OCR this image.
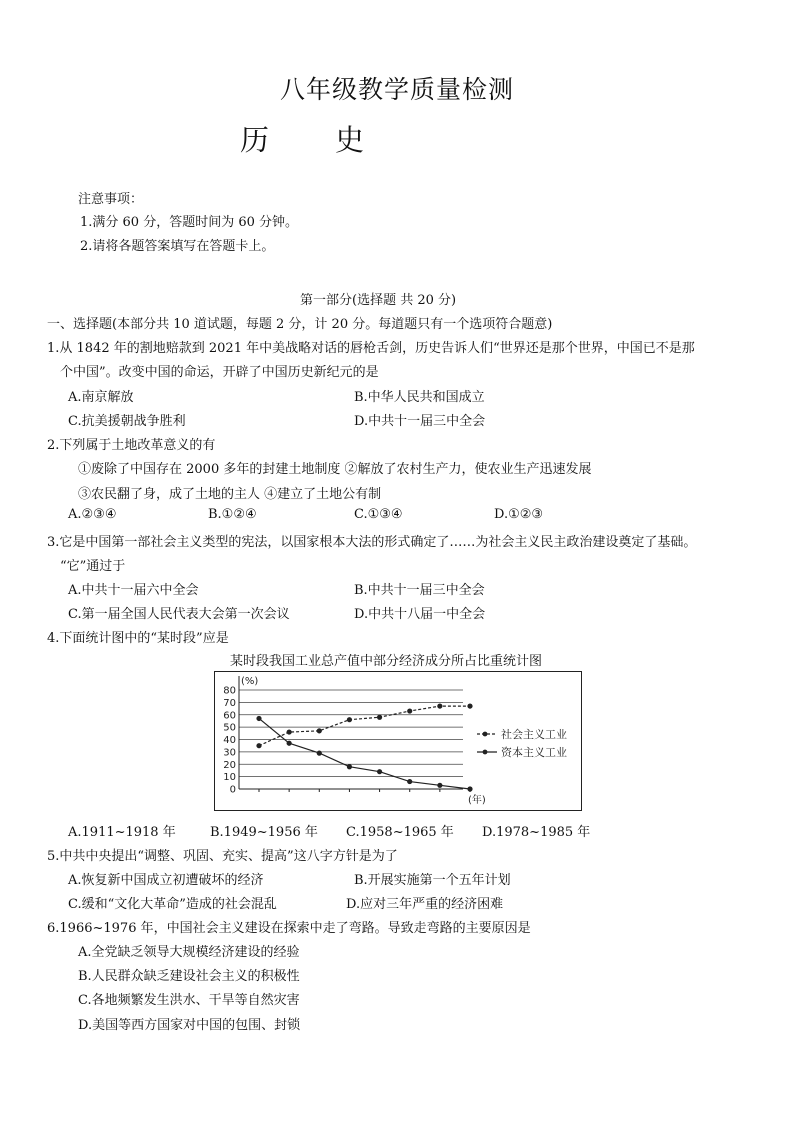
八年级教学质量检测
历 史
注意事项：
1.满分 60 分，答题时间为 60 分钟。
2.请将各题答案填写在答题卡上。
第一部分(选择题 共 20 分)
一、选择题(本部分共 10 道试题，每题 2 分，计 20 分。每道题只有一个选项符合题意)
1.从 1842 年的割地赔款到 2021 年中美战略对话的唇枪舌剑，历史告诉人们“世界还是那个世界，中国已不是那
个中国”。改变中国的命运，开辟了中国历史新纪元的是
A.南京解放	B.中华人民共和国成立
C.抗美援朝战争胜利	D.中共十一届三中全会
2.下列属于土地改革意义的有
①废除了中国存在 2000 多年的封建土地制度 ②解放了农村生产力，使农业生产迅速发展
③农民翻了身，成了土地的主人 ④建立了土地公有制
A.②③④	B.①②④	C.①③④	D.①②③
3.它是中国第一部社会主义类型的宪法，以国家根本大法的形式确定了……为社会主义民主政治建设奠定了基础。
“它”通过于
A.中共十一届六中全会	B.中共十一届三中全会
C.第一届全国人民代表大会第一次会议	D.中共十八届一中全会
4.下面统计图中的“某时段”应是
某时段我国工业总产值中部分经济成分所占比重统计图
80
70
60
50
40
30
20
10
0
(%)
(年)
社会主义工业
资本主义工业
A.1911~1918 年	B.1949~1956 年 C.1958~1965 年 D.1978~1985 年
5.中共中央提出“调整、巩固、充实、提高”这八字方针是为了
A.恢复新中国成立初遭破坏的经济	B.开展实施第一个五年计划
C.缓和“文化大革命”造成的社会混乱	D.应对三年严重的经济困难
6.1966~1976 年，中国社会主义建设在探索中走了弯路。导致走弯路的主要原因是
A.全党缺乏领导大规模经济建设的经验
B.人民群众缺乏建设社会主义的积极性
C.各地频繁发生洪水、干旱等自然灾害
D.美国等西方国家对中国的包围、封锁
